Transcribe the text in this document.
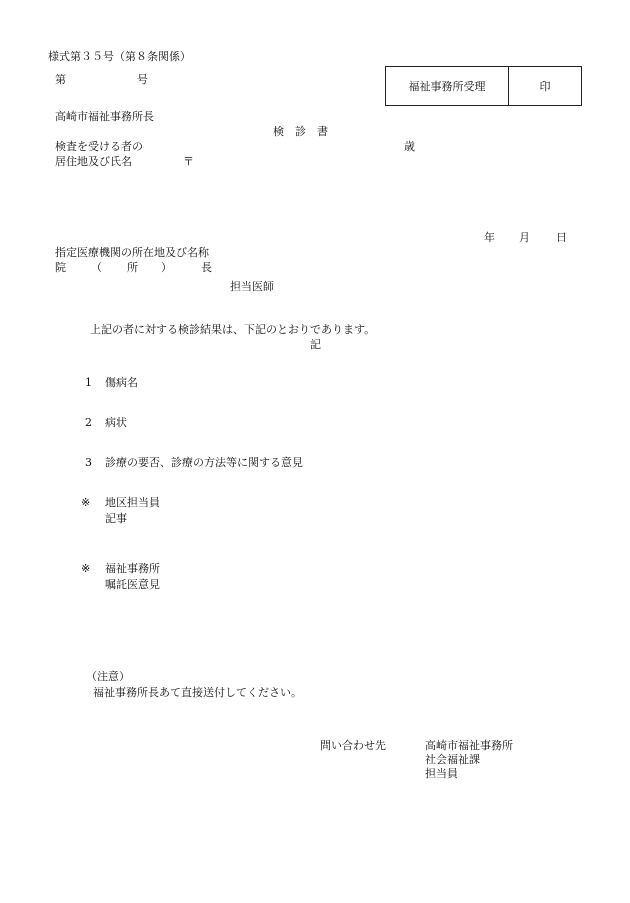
様式第３５号（第８条関係）
第	号	福祉事務所受理	印
高崎市福祉事務所長
検　診　書
検査を受ける者の	歳
居住地及び氏名	〒
年 月 日
指定医療機関の所在地及び名称
院 （ 所 ）	長
担当医師
上記の者に対する検診結果は、下記のとおりであります。
記
1 傷病名
2 病状
3 診療の要否、診療の方法等に関する意見
※ 地区担当員
記事
※ 福祉事務所
嘱託医意見
（注意）
福祉事務所長あて直接送付してください。
問い合わせ先	高崎市福祉事務所
社会福祉課
担当員
